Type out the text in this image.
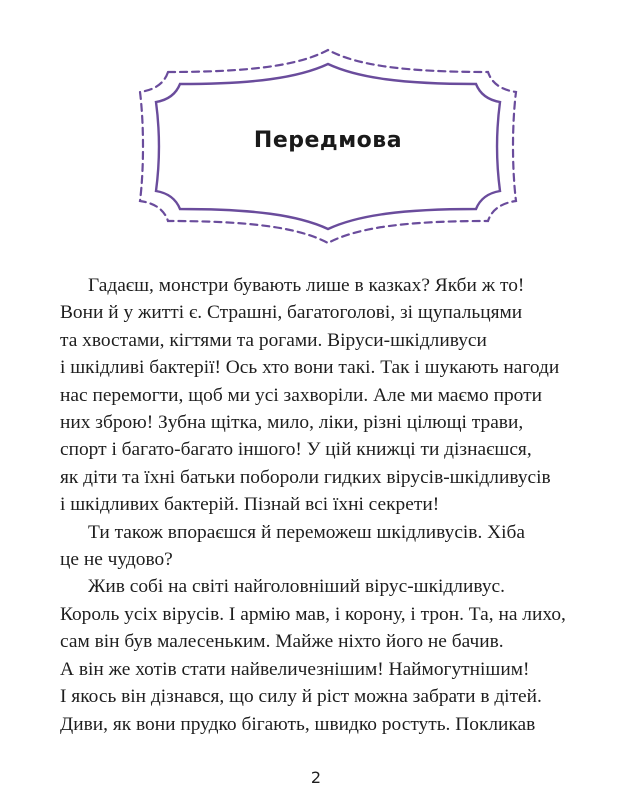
Передмова
Гадаєш, монстри бувають лише в казках? Якби ж то!
Вони й у житті є. Страшні, багатоголові, зі щупальцями
та хвостами, кігтями та рогами. Віруси-шкідливуси
і шкідливі бактерії! Ось хто вони такі. Так і шукають нагоди
нас перемогти, щоб ми усі захворіли. Але ми маємо проти
них зброю! Зубна щітка, мило, ліки, різні цілющі трави,
спорт і багато-багато іншого! У цій книжці ти дізнаєшся,
як діти та їхні батьки поборoли гидких вірусів-шкідливусів
і шкідливих бактерій. Пізнай всі їхні секрети!
Ти також впораєшся й переможеш шкідливусів. Хіба
це не чудово?
Жив собі на світі найголовніший вірус-шкідливус.
Король усіх вірусів. І армію мав, і корону, і трон. Та, на лихо,
сам він був малесеньким. Майже ніхто його не бачив.
А він же хотів стати найвеличезнішим! Наймогутнішим!
І якось він дізнався, що силу й ріст можна забрати в дітей.
Диви, як вони прудко бігають, швидко ростуть. Покликав
2
